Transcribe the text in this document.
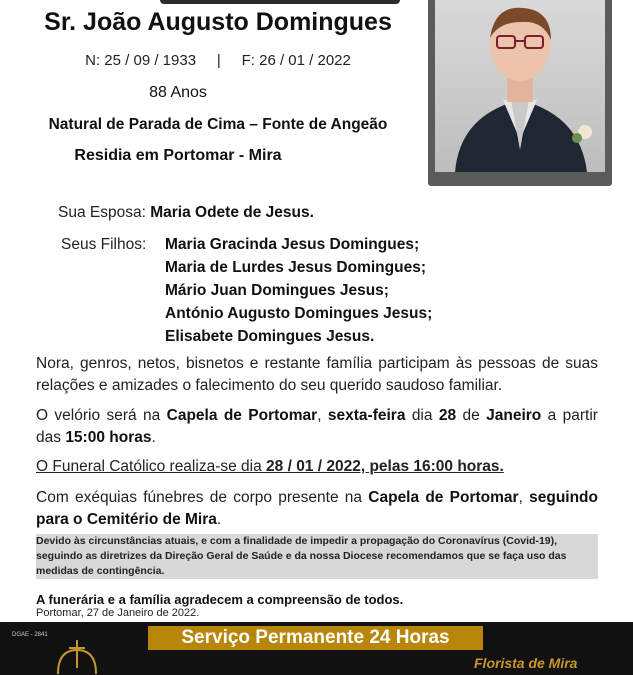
Sr. João Augusto Domingues
N: 25 / 09 / 1933     |     F: 26 / 01 / 2022
88 Anos
Natural de Parada de Cima – Fonte de Angeão
Residia em Portomar - Mira
Sua Esposa: Maria Odete de Jesus.
Seus Filhos: Maria Gracinda Jesus Domingues;
Maria de Lurdes Jesus Domingues;
Mário Juan Domingues Jesus;
António Augusto Domingues Jesus;
Elisabete Domingues Jesus.
Nora, genros, netos, bisnetos e restante família participam às pessoas de suas relações e amizades o falecimento do seu querido saudoso familiar.
O velório será na Capela de Portomar, sexta-feira dia 28 de Janeiro a partir das 15:00 horas.
O Funeral Católico realiza-se dia 28 / 01 / 2022, pelas 16:00 horas.
Com exéquias fúnebres de corpo presente na Capela de Portomar, seguindo para o Cemitério de Mira.
Devido às circunstâncias atuais, e com a finalidade de impedir a propagação do Coronavírus (Covid-19), seguindo as diretrizes da Direção Geral de Saúde e da nossa Diocese recomendamos que se faça uso das medidas de contingência.
A funerária e a família agradecem a compreensão de todos.
Portomar, 27 de Janeiro de 2022.
DGAE - 2841	Serviço Permanente 24 Horas
Florista de Mira
